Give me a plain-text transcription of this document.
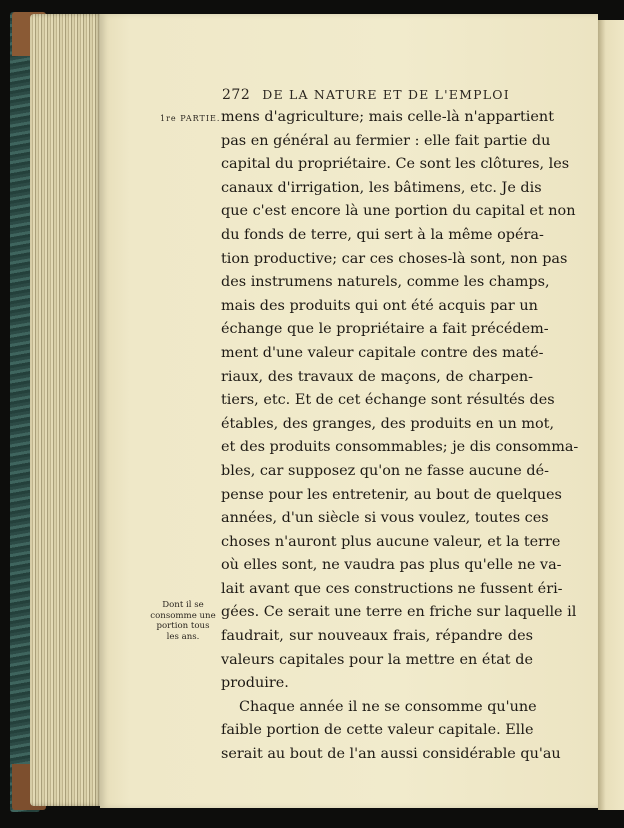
272 DE LA NATURE ET DE L'EMPLOI
1re PARTIE.
Dont il se
consomme une
portion tous
les ans.
mens d'agriculture; mais celle-là n'appartient
pas en général au fermier : elle fait partie du
capital du propriétaire. Ce sont les clôtures, les
canaux d'irrigation, les bâtimens, etc. Je dis
que c'est encore là une portion du capital et non
du fonds de terre, qui sert à la même opéra-
tion productive; car ces choses-là sont, non pas
des instrumens naturels, comme les champs,
mais des produits qui ont été acquis par un
échange que le propriétaire a fait précédem-
ment d'une valeur capitale contre des maté-
riaux, des travaux de maçons, de charpen-
tiers, etc. Et de cet échange sont résultés des
étables, des granges, des produits en un mot,
et des produits consommables; je dis consomma-
bles, car supposez qu'on ne fasse aucune dé-
pense pour les entretenir, au bout de quelques
années, d'un siècle si vous voulez, toutes ces
choses n'auront plus aucune valeur, et la terre
où elles sont, ne vaudra pas plus qu'elle ne va-
lait avant que ces constructions ne fussent éri-
gées. Ce serait une terre en friche sur laquelle il
faudrait, sur nouveaux frais, répandre des
valeurs capitales pour la mettre en état de
produire.
Chaque année il ne se consomme qu'une
faible portion de cette valeur capitale. Elle
serait au bout de l'an aussi considérable qu'au
